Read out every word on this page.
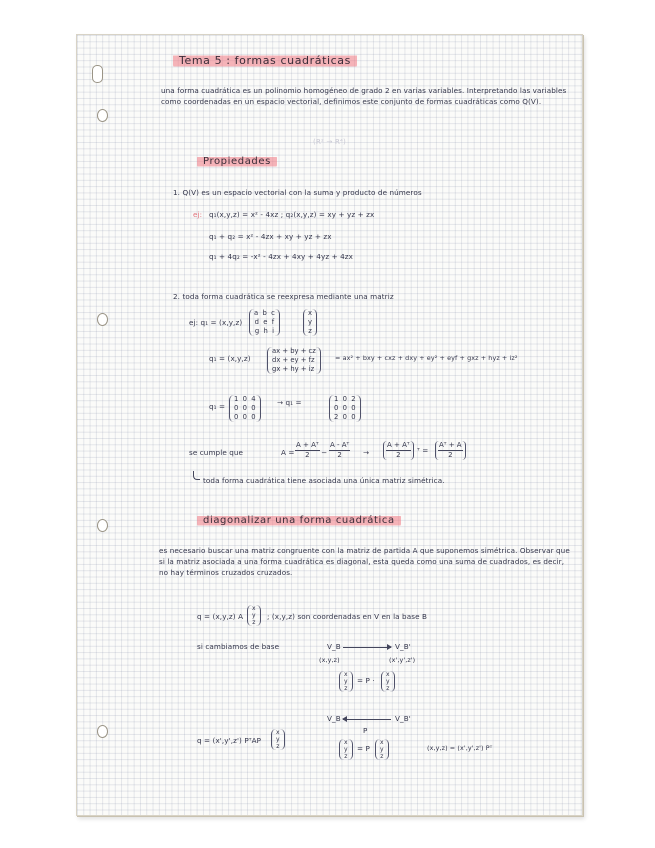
Tema 5 : formas cuadráticas
una forma cuadrática es un polinomio homogéneo de grado 2 en varias variables. Interpretando las variables como coordenadas en un espacio vectorial, definimos este conjunto de formas cuadráticas como Q(V).
(R² → R⁴)
Propiedades
1. Q(V) es un espacio vectorial con la suma y producto de números
ej: q₁(x,y,z) = x² - 4xz ; q₂(x,y,z) = xy + yz + zx
q₁ + q₂ = x² - 4zx + xy + yz + zx
q₁ + 4q₂ = -x² - 4zx + 4xy + 4yz + 4zx
2. toda forma cuadrática se reexpresa mediante una matriz
ej: q₁ = (x,y,z)
a  b  c
d  e  f
g  h  i
x
y
z
q₁ = (x,y,z)
ax + by + cz
dx + ey + fz
gx + hy + iz
= ax² + bxy + cxz + dxy + ey² + eyf + gxz + hyz + iz²
q₁ =
1  0  4
0  0  0
0  0  0
→ q₁ =	1  0  2
0  0  0
2  0  0
se cumple que	$A = \frac{\text{A + Aᵀ}}{2} - \frac{\text{A - Aᵀ}}{2} \to \frac{\text{A + Aᵀ}}{2}$ ᵀ = $\frac{\text{Aᵀ + A}}{2}$
toda forma cuadrática tiene asociada una única matriz simétrica.
diagonalizar una forma cuadrática
es necesario buscar una matriz congruente con la matriz de partida A que suponemos simétrica. Observar que si la matriz asociada a una forma cuadrática es diagonal, esta queda como una suma de cuadrados, es decir, no hay términos cruzados cruzados.
q = (x,y,z) A
x
y
z
; (x,y,z) son coordenadas en V en la base B
si cambiamos de base	V_B	V_B'
(x,y,z)	(x',y',z')
x
y
z
= P ·
x
y
z
V_B	V_B'
P
q = (x',y',z') PᵀAP
x
y
z
x
y
z
= P
x
y
z
(x,y,z) = (x',y',z') Pᵀ
